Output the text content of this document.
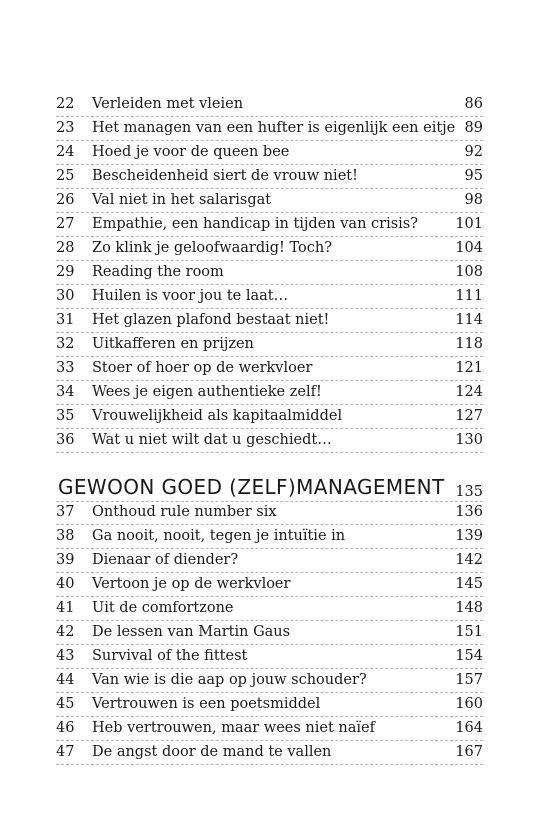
22	Verleiden met vleien	86
23	Het managen van een hufter is eigenlijk een eitje 89
24	Hoed je voor de queen bee	92
25	Bescheidenheid siert de vrouw niet!	95
26	Val niet in het salarisgat	98
27	Empathie, een handicap in tijden van crisis?	101
28	Zo klink je geloofwaardig! Toch?	104
29	Reading the room	108
30	Huilen is voor jou te laat…	111
31	Het glazen plafond bestaat niet!	114
32	Uitkafferen en prijzen	118
33	Stoer of hoer op de werkvloer	121
34	Wees je eigen authentieke zelf!	124
35	Vrouwelijkheid als kapitaalmiddel	127
36	Wat u niet wilt dat u geschiedt…	130
GEWOON GOED (ZELF)MANAGEMENT 135
37	Onthoud rule number six	136
38	Ga nooit, nooit, tegen je intuïtie in	139
39	Dienaar of diender?	142
40	Vertoon je op de werkvloer	145
41	Uit de comfortzone	148
42	De lessen van Martin Gaus	151
43	Survival of the fittest	154
44	Van wie is die aap op jouw schouder?	157
45	Vertrouwen is een poetsmiddel	160
46	Heb vertrouwen, maar wees niet naïef	164
47	De angst door de mand te vallen	167
